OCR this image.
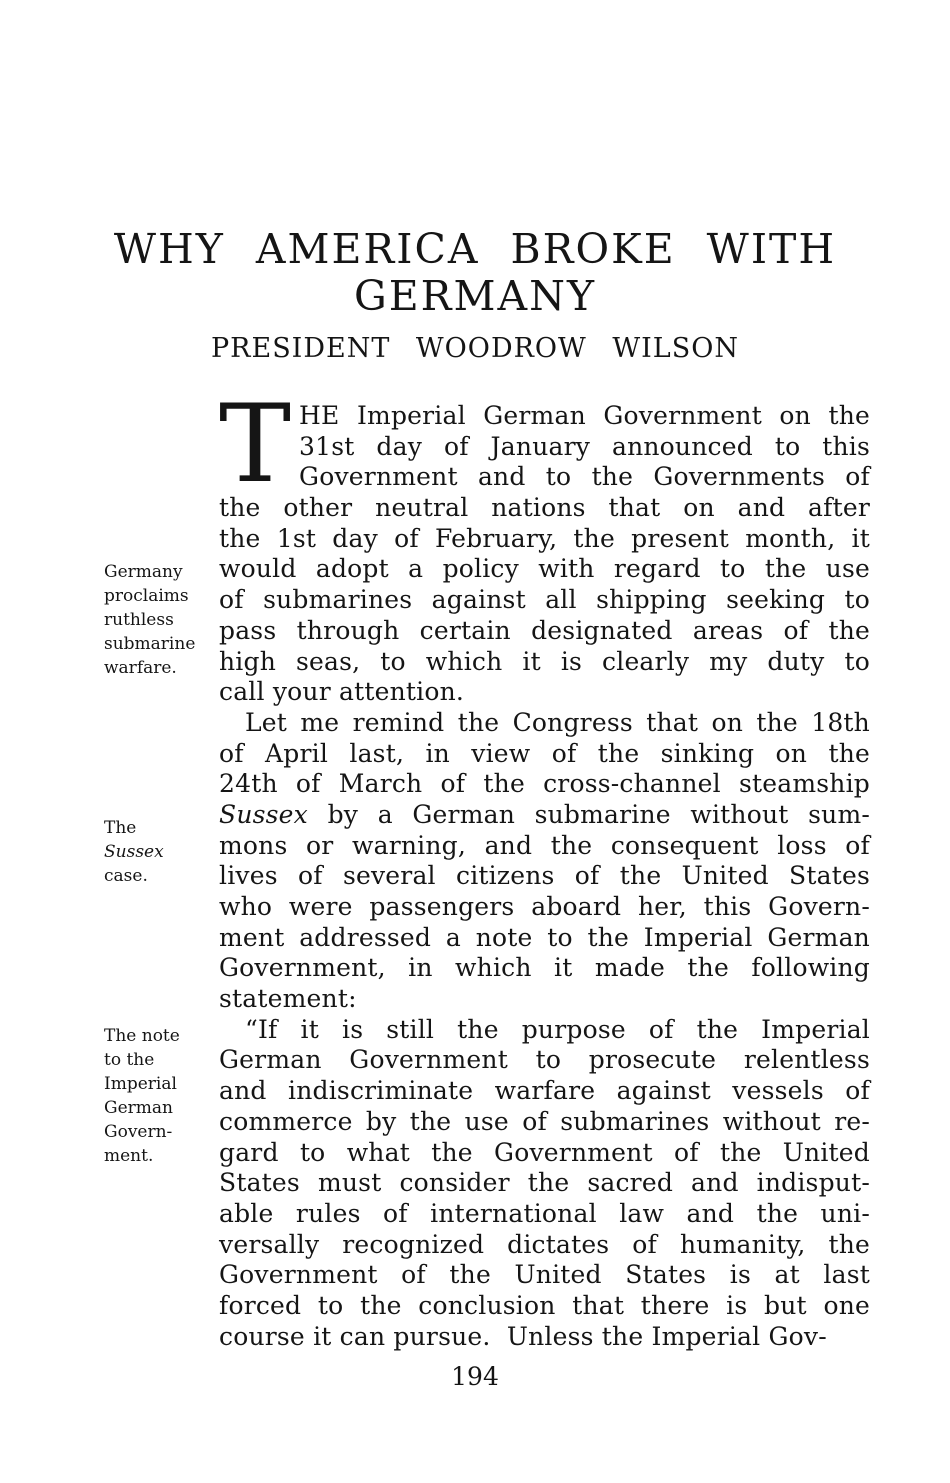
WHY AMERICA BROKE WITH
GERMANY
PRESIDENT WOODROW WILSON
Germany
proclaims
ruthless
submarine
warfare.
The
Sussex
case.
The note
to the
Imperial
German
Govern-
ment.
T HE Imperial German Government on the
31st day of January announced to this
Government and to the Governments of
the other neutral nations that on and after
the 1st day of February, the present month, it
would adopt a policy with regard to the use
of submarines against all shipping seeking to
pass through certain designated areas of the
high seas, to which it is clearly my duty to
call your attention.
Let me remind the Congress that on the 18th
of April last, in view of the sinking on the
24th of March of the cross-channel steamship
Sussex by a German submarine without sum-
mons or warning, and the consequent loss of
lives of several citizens of the United States
who were passengers aboard her, this Govern-
ment addressed a note to the Imperial German
Government, in which it made the following
statement:
“If it is still the purpose of the Imperial
German Government to prosecute relentless
and indiscriminate warfare against vessels of
commerce by the use of submarines without re-
gard to what the Government of the United
States must consider the sacred and indisput-
able rules of international law and the uni-
versally recognized dictates of humanity, the
Government of the United States is at last
forced to the conclusion that there is but one
course it can pursue.  Unless the Imperial Gov-
194
